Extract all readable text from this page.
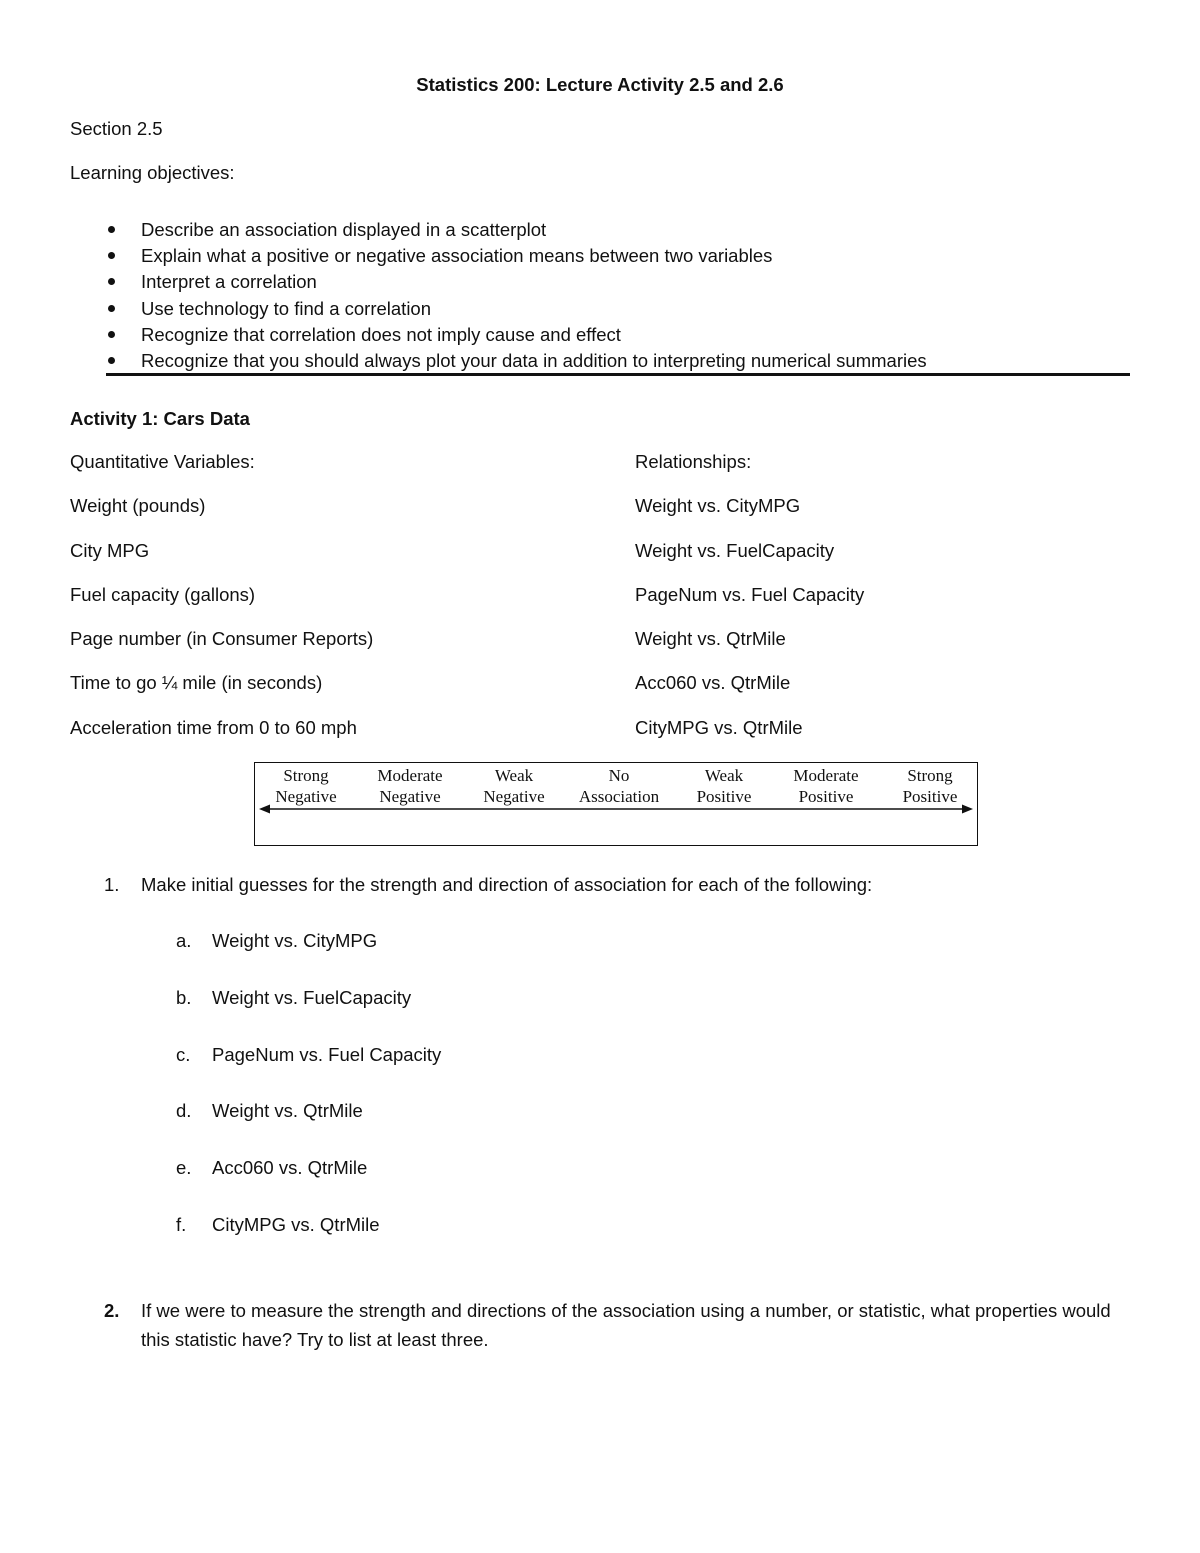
Statistics 200: Lecture Activity 2.5 and 2.6
Section 2.5
Learning objectives:
Describe an association displayed in a scatterplot
Explain what a positive or negative association means between two variables
Interpret a correlation
Use technology to find a correlation
Recognize that correlation does not imply cause and effect
Recognize that you should always plot your data in addition to interpreting numerical summaries
Activity 1: Cars Data
Quantitative Variables:	Relationships:
Weight (pounds)	Weight vs. CityMPG
City MPG	Weight vs. FuelCapacity
Fuel capacity (gallons)	PageNum vs. Fuel Capacity
Page number (in Consumer Reports)	Weight vs. QtrMile
Time to go ¼ mile (in seconds)	Acc060 vs. QtrMile
Acceleration time from 0 to 60 mph	CityMPG vs. QtrMile
Strong
Negative
Moderate
Negative
Weak
Negative
No
Association
Weak
Positive
Moderate
Positive
Strong
Positive
1. Make initial guesses for the strength and direction of association for each of the following:
a. Weight vs. CityMPG
b. Weight vs. FuelCapacity
c. PageNum vs. Fuel Capacity
d. Weight vs. QtrMile
e. Acc060 vs. QtrMile
f. CityMPG vs. QtrMile
2. If we were to measure the strength and directions of the association using a number, or statistic, what properties would this statistic have? Try to list at least three.
